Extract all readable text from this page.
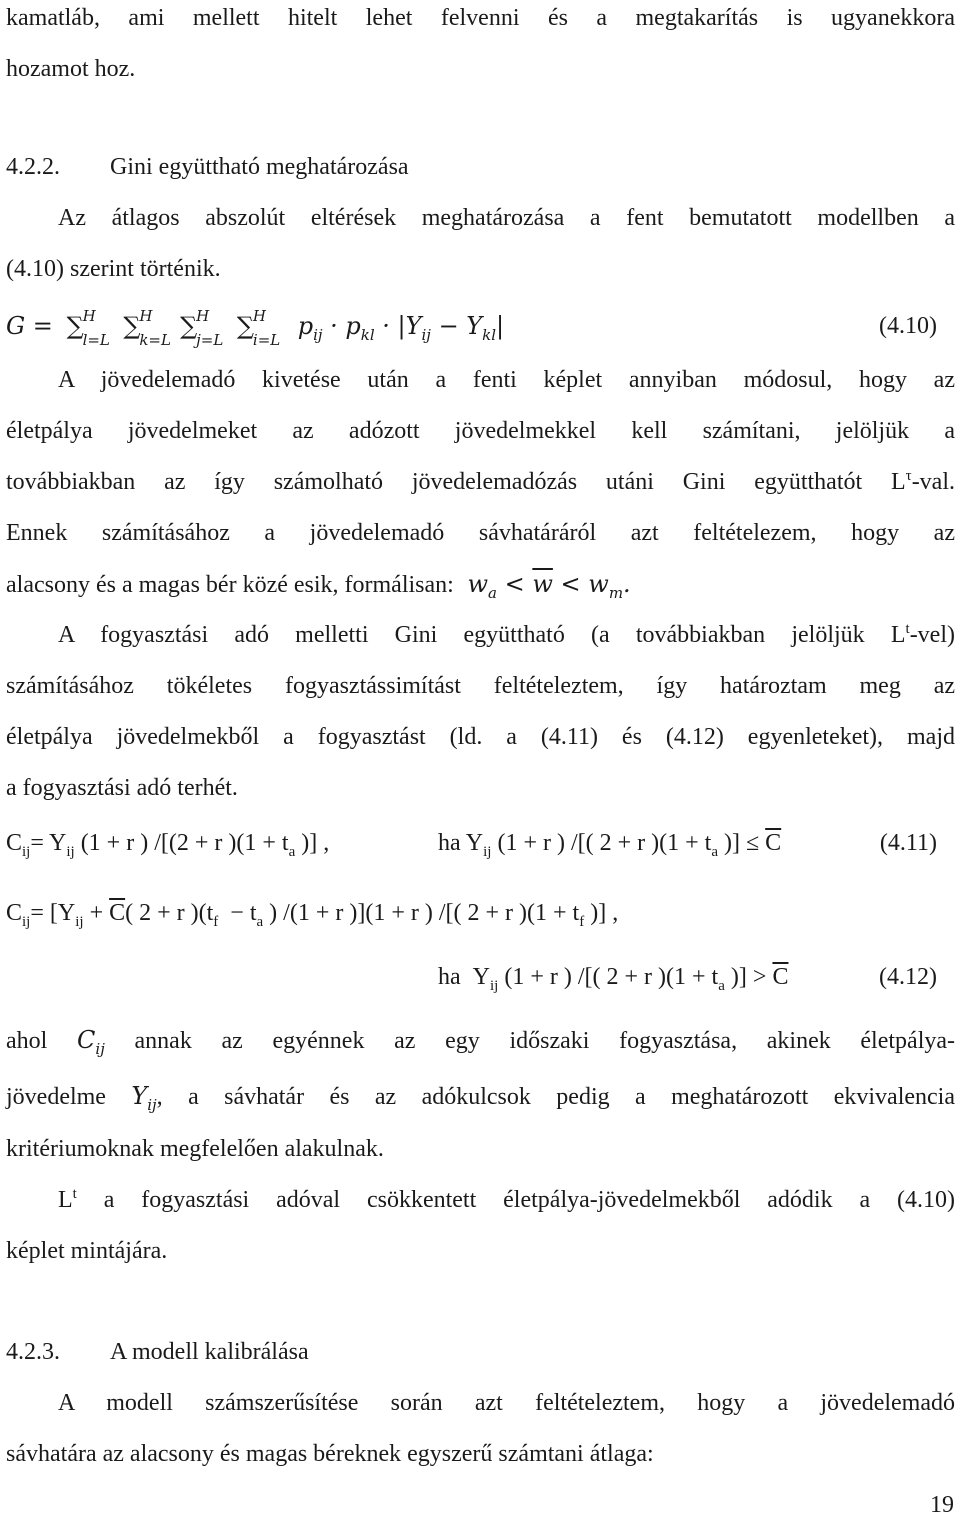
kamatláb, ami mellett hitelt lehet felvenni és a megtakarítás is ugyanekkora
hozamot hoz.
4.2.2. Gini együttható meghatározása
Az átlagos abszolút eltérések meghatározása a fent bemutatott modellben a
(4.10) szerint történik.
G = ∑
H
l=L ∑
H
k=L ∑
H
j=L ∑
H
i=L $p_{ij} \cdot p_{kl} \cdot |Y_{ij} - Y_{kl}|$	(4.10)
A jövedelemadó kivetése után a fenti képlet annyiban módosul, hogy az
életpálya jövedelmeket az adózott jövedelmekkel kell számítani, jelöljük a
továbbiakban az így számolható jövedelemadózás utáni Gini együtthatót $L^\tau$-val.
Ennek számításához a jövedelemadó sávhatáráról azt feltételezem, hogy az
alacsony és a magas bér közé esik, formálisan:  $w_a < \overline{w} < w_m$.
A fogyasztási adó melletti Gini együttható (a továbbiakban jelöljük $L^t-vel$)
számításához tökéletes fogyasztássimítást feltételeztem, így határoztam meg az
életpálya jövedelmekből a fogyasztást (ld. a (4.11) és (4.12) egyenleteket), majd
a fogyasztási adó terhét.
$C_{ij}= Y_{ij}$ (1 + r ) /[(2 + r )($1 + t_a$ )] ,	ha $Y_{ij}$ (1 + r ) /[( 2 + r )($1 + t_a$ )] ≤ $\overline{C}$	(4.11)
$C_{ij}= [Y_{ij} + \overline{C}$( 2 + r )($t_f - t_a$ ) /(1 + r )](1 + r ) /[( 2 + r )($1 + t_f$ )] ,
ha  $Y_{ij}$ (1 + r ) /[( 2 + r )($1 + t_a$ )] > $\overline{C}$	(4.12)
ahol $C_{ij}$ annak az egyénnek az egy időszaki fogyasztása, akinek életpálya-
jövedelme $Y_{ij}$, a sávhatár és az adókulcsok pedig a meghatározott ekvivalencia
kritériumoknak megfelelően alakulnak.
$L^t$ a fogyasztási adóval csökkentett életpálya-jövedelmekből adódik a (4.10)
képlet mintájára.
4.2.3. A modell kalibrálása
A modell számszerűsítése során azt feltételeztem, hogy a jövedelemadó
sávhatára az alacsony és magas béreknek egyszerű számtani átlaga:
19
